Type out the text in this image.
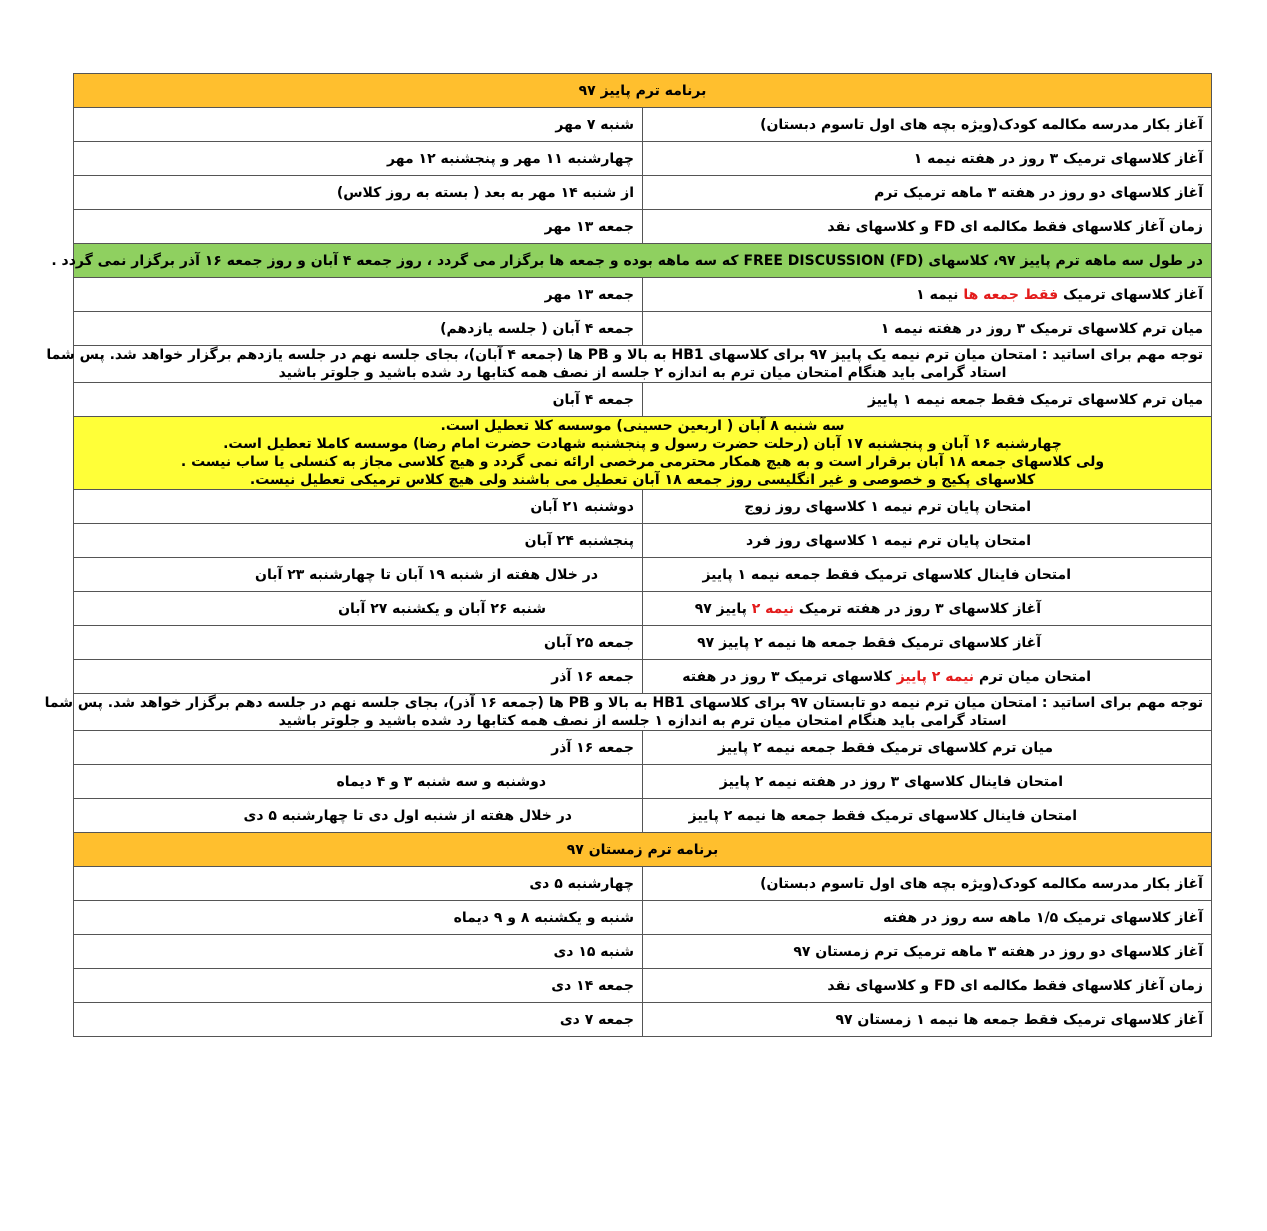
برنامه ترم پاییز ۹۷	
آغاز بکار مدرسه مکالمه کودک(ویژه بچه های اول تاسوم دبستان)	شنبه ۷ مهر
آغاز کلاسهای ترمیک ۳ روز در هفته نیمه ۱	چهارشنبه ۱۱ مهر و پنجشنبه ۱۲ مهر
آغاز کلاسهای دو روز در هفته ۳ ماهه ترمیک ترم	از شنبه ۱۴ مهر به بعد ( بسته به روز کلاس)
زمان آغاز کلاسهای فقط مکالمه ای FD و کلاسهای نقد	جمعه ۱۳ مهر
در طول سه ماهه ترم پاییز ۹۷، کلاسهای FREE DISCUSSION (FD) که سه ماهه بوده و جمعه ها برگزار می گردد ، روز جمعه ۴ آبان و روز جمعه ۱۶ آذر برگزار نمی گردد .	
آغاز کلاسهای ترمیک فقط جمعه ها نیمه ۱	جمعه ۱۳ مهر
میان ترم کلاسهای ترمیک ۳ روز در هفته نیمه ۱	جمعه ۴ آبان ( جلسه یازدهم)

توجه مهم برای اساتید : امتحان میان ترم نیمه یک پاییز ۹۷ برای کلاسهای HB1 به بالا و PB ها (جمعه ۴ آبان)، بجای جلسه نهم در جلسه یازدهم برگزار خواهد شد. پس شما
استاد گرامی باید هنگام امتحان میان ترم به اندازه ۲ جلسه از نصف همه کتابها رد شده باشید و جلوتر باشید	

میان ترم کلاسهای ترمیک فقط جمعه نیمه ۱ پاییز	جمعه ۴ آبان

سه شنبه ۸ آبان ( اربعین حسینی) موسسه کلا تعطیل است.
چهارشنبه ۱۶ آبان و پنجشنبه ۱۷ آبان (رحلت حضرت رسول و پنجشنبه شهادت حضرت امام رضا) موسسه کاملا تعطیل است.
ولی کلاسهای جمعه ۱۸ آبان برقرار است و به هیچ همکار محترمی مرخصی ارائه نمی گردد و هیچ کلاسی مجاز به کنسلی یا ساب نیست .
کلاسهای پکیج و خصوصی و غیر انگلیسی روز جمعه ۱۸ آبان تعطیل می باشند ولی هیچ کلاس ترمیکی تعطیل نیست.	

امتحان پایان ترم نیمه ۱ کلاسهای روز زوج	دوشنبه ۲۱ آبان
امتحان پایان ترم نیمه ۱ کلاسهای روز فرد	پنجشنبه ۲۴ آبان
امتحان فاینال کلاسهای ترمیک فقط جمعه نیمه ۱ پاییز	در خلال هفته از شنبه ۱۹ آبان تا چهارشنبه ۲۳ آبان
آغاز کلاسهای ۳ روز در هفته ترمیک نیمه ۲ پاییز ۹۷	شنبه ۲۶ آبان و یکشنبه ۲۷ آبان
آغاز کلاسهای ترمیک فقط جمعه ها نیمه ۲ پاییز ۹۷	جمعه ۲۵ آبان
امتحان میان ترم نیمه ۲ پاییز کلاسهای ترمیک ۳ روز در هفته	جمعه ۱۶ آذر

توجه مهم برای اساتید : امتحان میان ترم نیمه دو تابستان ۹۷ برای کلاسهای HB1 به بالا و PB ها (جمعه ۱۶ آذر)، بجای جلسه نهم در جلسه دهم برگزار خواهد شد. پس شما
استاد گرامی باید هنگام امتحان میان ترم به اندازه ۱ جلسه از نصف همه کتابها رد شده باشید و جلوتر باشید	

میان ترم کلاسهای ترمیک فقط جمعه نیمه ۲ پاییز	جمعه ۱۶ آذر
امتحان فاینال کلاسهای ۳ روز در هفته نیمه ۲ پاییز	دوشنبه و سه شنبه ۳ و ۴ دیماه
امتحان فاینال کلاسهای ترمیک فقط جمعه ها نیمه ۲ پاییز	در خلال هفته از شنبه اول دی تا چهارشنبه ۵ دی
برنامه ترم زمستان ۹۷	
آغاز بکار مدرسه مکالمه کودک(ویژه بچه های اول تاسوم دبستان)	چهارشنبه ۵ دی
آغاز کلاسهای ترمیک ۱/۵ ماهه سه روز در هفته	شنبه و یکشنبه ۸ و ۹ دیماه
آغاز کلاسهای دو روز در هفته ۳ ماهه ترمیک ترم زمستان ۹۷	شنبه ۱۵ دی
زمان آغاز کلاسهای فقط مکالمه ای FD و کلاسهای نقد	جمعه ۱۴ دی
آغاز کلاسهای ترمیک فقط جمعه ها نیمه ۱ زمستان ۹۷	جمعه ۷ دی
